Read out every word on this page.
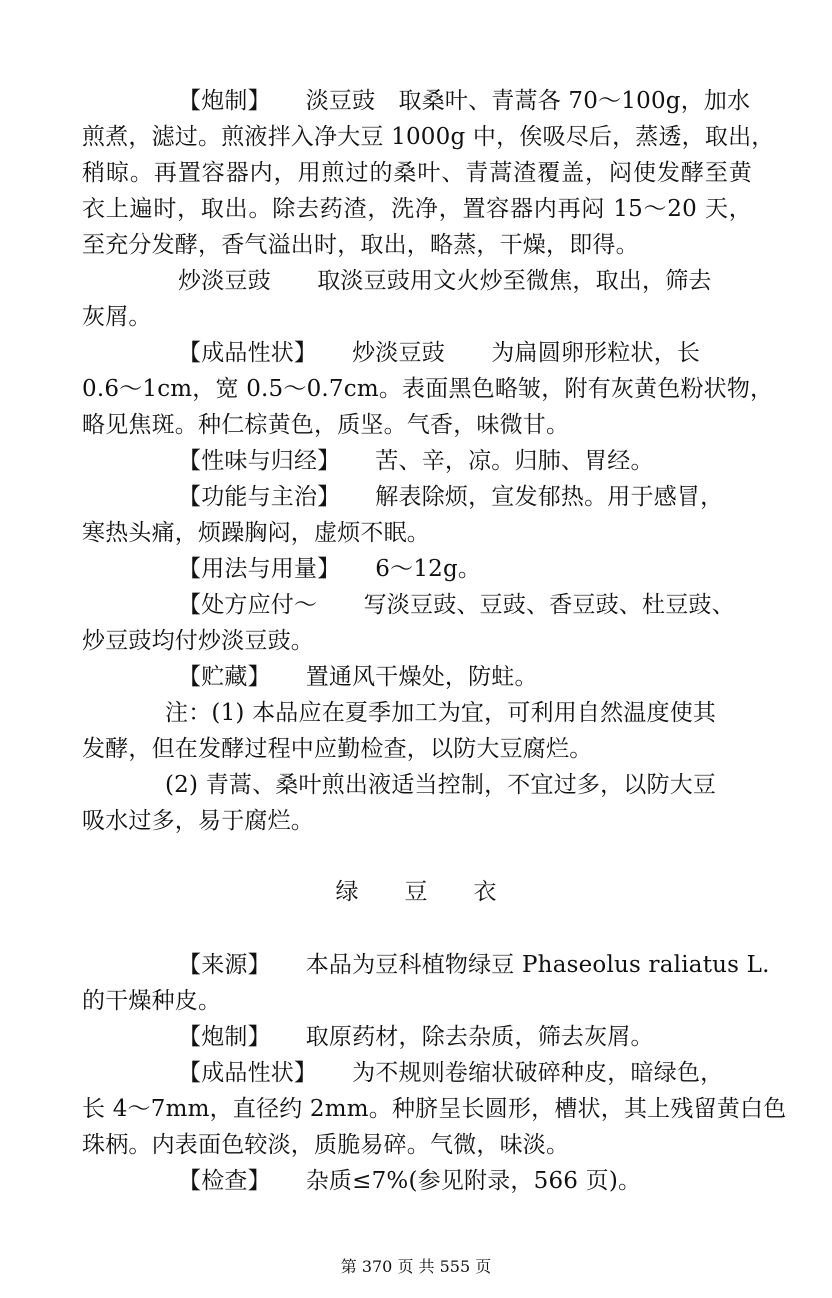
【炮制】　　淡豆豉　取桑叶、青蒿各 70～100g，加水
煎煮，滤过。煎液拌入净大豆 1000g 中，俟吸尽后，蒸透，取出，
稍晾。再置容器内，用煎过的桑叶、青蒿渣覆盖，闷使发酵至黄
衣上遍时，取出。除去药渣，洗净，置容器内再闷 15～20 天，
至充分发酵，香气溢出时，取出，略蒸，干燥，即得。
炒淡豆豉　　取淡豆豉用文火炒至微焦，取出，筛去
灰屑。
【成品性状】　　炒淡豆豉　　为扁圆卵形粒状，长
0.6～1cm，宽 0.5～0.7cm。表面黑色略皱，附有灰黄色粉状物，
略见焦斑。种仁棕黄色，质坚。气香，味微甘。
【性味与归经】　　苦、辛，凉。归肺、胃经。
【功能与主治】　　解表除烦，宣发郁热。用于感冒，
寒热头痛，烦躁胸闷，虚烦不眠。
【用法与用量】　　6～12g。
【处方应付～　　写淡豆豉、豆豉、香豆豉、杜豆豉、
炒豆豉均付炒淡豆豉。
【贮藏】　　置通风干燥处，防蛀。
注：(1) 本品应在夏季加工为宜，可利用自然温度使其
发酵，但在发酵过程中应勤检查，以防大豆腐烂。
(2) 青蒿、桑叶煎出液适当控制，不宜过多，以防大豆
吸水过多，易于腐烂。
绿　　豆　　衣
【来源】　　本品为豆科植物绿豆 Phaseolus raliatus L.
的干燥种皮。
【炮制】　　取原药材，除去杂质，筛去灰屑。
【成品性状】　　为不规则卷缩状破碎种皮，暗绿色，
长 4～7mm，直径约 2mm。种脐呈长圆形，槽状，其上残留黄白色
珠柄。内表面色较淡，质脆易碎。气微，味淡。
【检查】　　杂质≤7%(参见附录，566 页)。
第 370 页 共 555 页
